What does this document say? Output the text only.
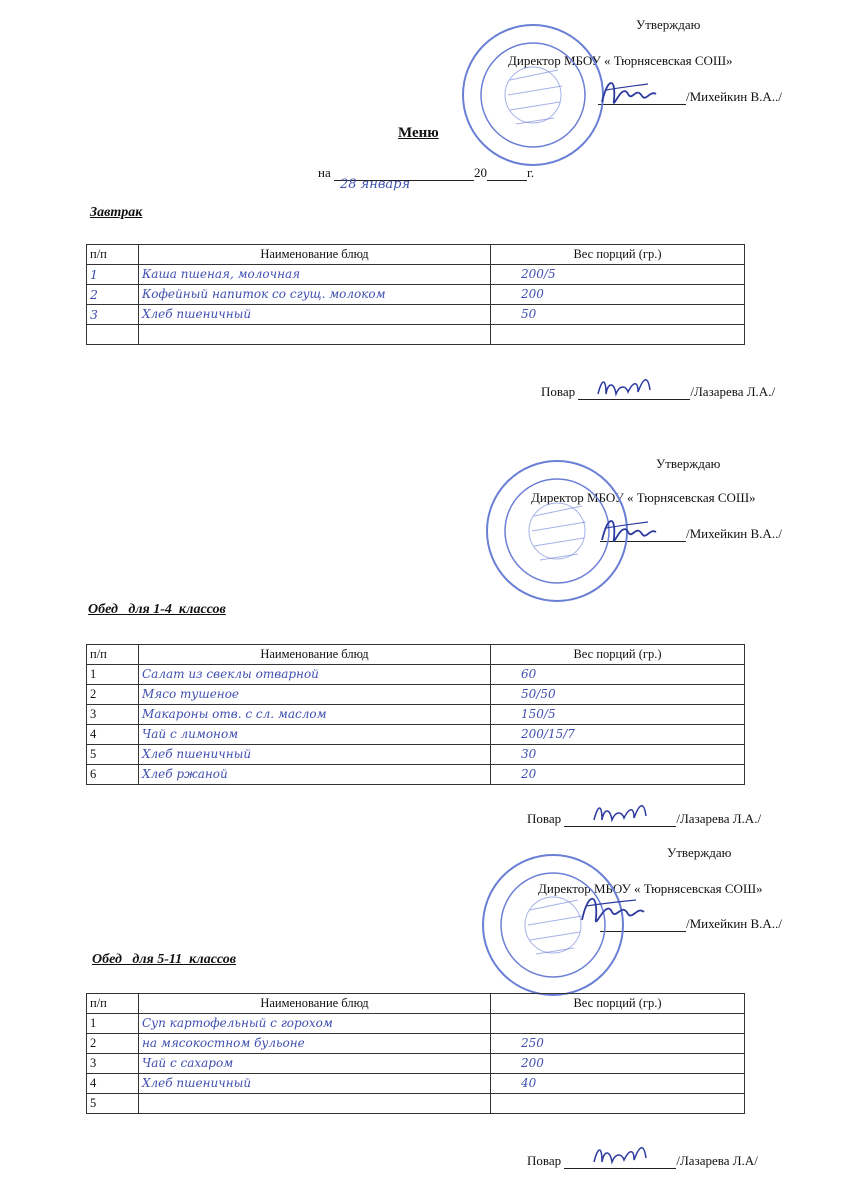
Утверждаю
Директор МБОУ « Тюрнясевская СОШ»
/Михейкин В.А../
Меню
на
28 января
20	г.
Завтрак
п/п	Наименование блюд	Вес порций (гр.)
1	Каша пшеная, молочная	200/5
2	Кофейный напиток со сгущ. молоком	200
3	Хлеб пшеничный	50

Повар	/Лазарева Л.А./
Утверждаю
Директор МБОУ « Тюрнясевская СОШ»
/Михейкин В.А../
Обед   для 1-4  классов
п/п	Наименование блюд	Вес порций (гр.)
1	Салат из свеклы отварной	60
2	Мясо тушеное	50/50
3	Макароны отв. с сл. маслом	150/5
4	Чай с лимоном	200/15/7
5	Хлеб пшеничный	30
6	Хлеб ржаной	20
Повар	/Лазарева Л.А./
Утверждаю
Директор МБОУ « Тюрнясевская СОШ»
/Михейкин В.А../
Обед   для 5-11  классов
п/п	Наименование блюд	Вес порций (гр.)
1	Суп картофельный с горохом	
2	на мясокостном бульоне	250
3	Чай с сахаром	200
4	Хлеб пшеничный	40
5		
Повар	/Лазарева Л.А/
